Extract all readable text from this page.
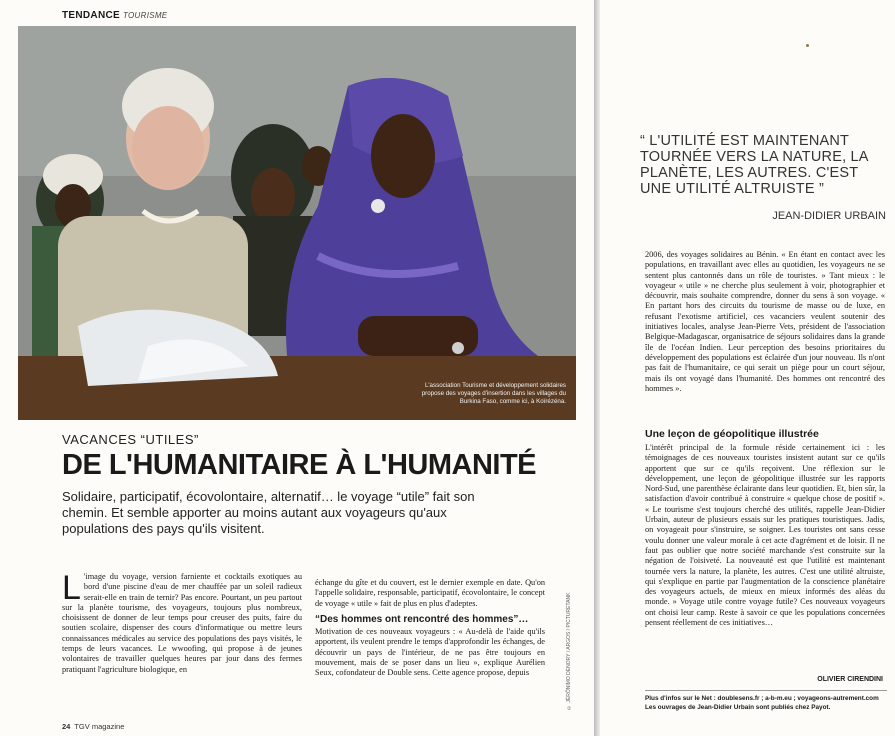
TENDANCE TOURISME
L'association Tourisme et développement solidaires propose des voyages d'insertion dans les villages du Burkina Faso, comme ici, à Koïrézéna.
VACANCES “UTILES”
DE L'HUMANITAIRE À L'HUMANITÉ
Solidaire, participatif, écovolontaire, alternatif… le voyage “utile” fait son chemin. Et semble apporter au moins autant aux voyageurs qu'aux populations des pays qu'ils visitent.
L 'image du voyage, version farniente et cocktails exotiques au bord d'une piscine d'eau de mer chauffée par un soleil radieux serait-elle en train de ternir? Pas encore. Pourtant, un peu partout sur la planète tourisme, des voyageurs, toujours plus nombreux, choisissent de donner de leur temps pour creuser des puits, faire du soutien scolaire, dispenser des cours d'informatique ou mettre leurs connaissances médicales au service des populations des pays visités, le temps de leurs vacances. Le wwoofing, qui propose à de jeunes volontaires de travailler quelques heures par jour dans des fermes pratiquant l'agriculture biologique, en
échange du gîte et du couvert, est le dernier exemple en date. Qu'on l'appelle solidaire, responsable, participatif, écovolontaire, le concept de voyage « utile » fait de plus en plus d'adeptes.
“Des hommes ont rencontré des hommes”…
Motivation de ces nouveaux voyageurs : « Au-delà de l'aide qu'ils apportent, ils veulent prendre le temps d'approfondir les échanges, de découvrir un pays de l'intérieur, de ne pas être toujours en mouvement, mais de se poser dans un lieu », explique Aurélien Seux, cofondateur de Double sens. Cette agence propose, depuis	© JÉRÔNIMO DÉNORY / ARGOS / PICTURETANK
24 TGV magazine
“ L'UTILITÉ EST MAINTENANT TOURNÉE VERS LA NATURE, LA PLANÈTE, LES AUTRES. C'EST UNE UTILITÉ ALTRUISTE ”
JEAN-DIDIER URBAIN
2006, des voyages solidaires au Bénin. « En étant en contact avec les populations, en travaillant avec elles au quotidien, les voyageurs ne se sentent plus cantonnés dans un rôle de touristes. » Tant mieux : le voyageur « utile » ne cherche plus seulement à voir, photographier et découvrir, mais souhaite comprendre, donner du sens à son voyage. « En partant hors des circuits du tourisme de masse ou de luxe, en refusant l'exotisme artificiel, ces vacanciers veulent soutenir des initiatives locales, analyse Jean-Pierre Vets, président de l'association Belgique-Madagascar, organisatrice de séjours solidaires dans la grande île de l'océan Indien. Leur perception des besoins prioritaires du développement des populations est éclairée d'un jour nouveau. Ils n'ont pas fait de l'humanitaire, ce qui serait un piège pour un court séjour, mais ils ont voyagé dans l'humanité. Des hommes ont rencontré des hommes ».
Une leçon de géopolitique illustrée
L'intérêt principal de la formule réside certainement ici : les témoignages de ces nouveaux touristes insistent autant sur ce qu'ils apportent que sur ce qu'ils reçoivent. Une réflexion sur le développement, une leçon de géopolitique illustrée sur les rapports Nord-Sud, une parenthèse éclairante dans leur quotidien. Et, bien sûr, la satisfaction d'avoir contribué à construire « quelque chose de positif ». « Le tourisme s'est toujours cherché des utilités, rappelle Jean-Didier Urbain, auteur de plusieurs essais sur les pratiques touristiques. Jadis, on voyageait pour s'instruire, se soigner. Les touristes ont sans cesse voulu donner une valeur morale à cet acte d'agrément et de loisir. Il ne faut pas oublier que notre société marchande s'est construite sur la négation de l'oisiveté. La nouveauté est que l'utilité est maintenant tournée vers la nature, la planète, les autres. C'est une utilité altruiste, qui s'explique en partie par l'augmentation de la conscience planétaire des voyageurs actuels, de mieux en mieux informés des aléas du monde. » Voyage utile contre voyage futile? Ces nouveaux voyageurs ont choisi leur camp. Reste à savoir ce que les populations concernées pensent réellement de ces initiatives…
OLIVIER CIRENDINI
Plus d'infos sur le Net : doublesens.fr ; a-b-m.eu ; voyageons-autrement.com
Les ouvrages de Jean-Didier Urbain sont publiés chez Payot.
